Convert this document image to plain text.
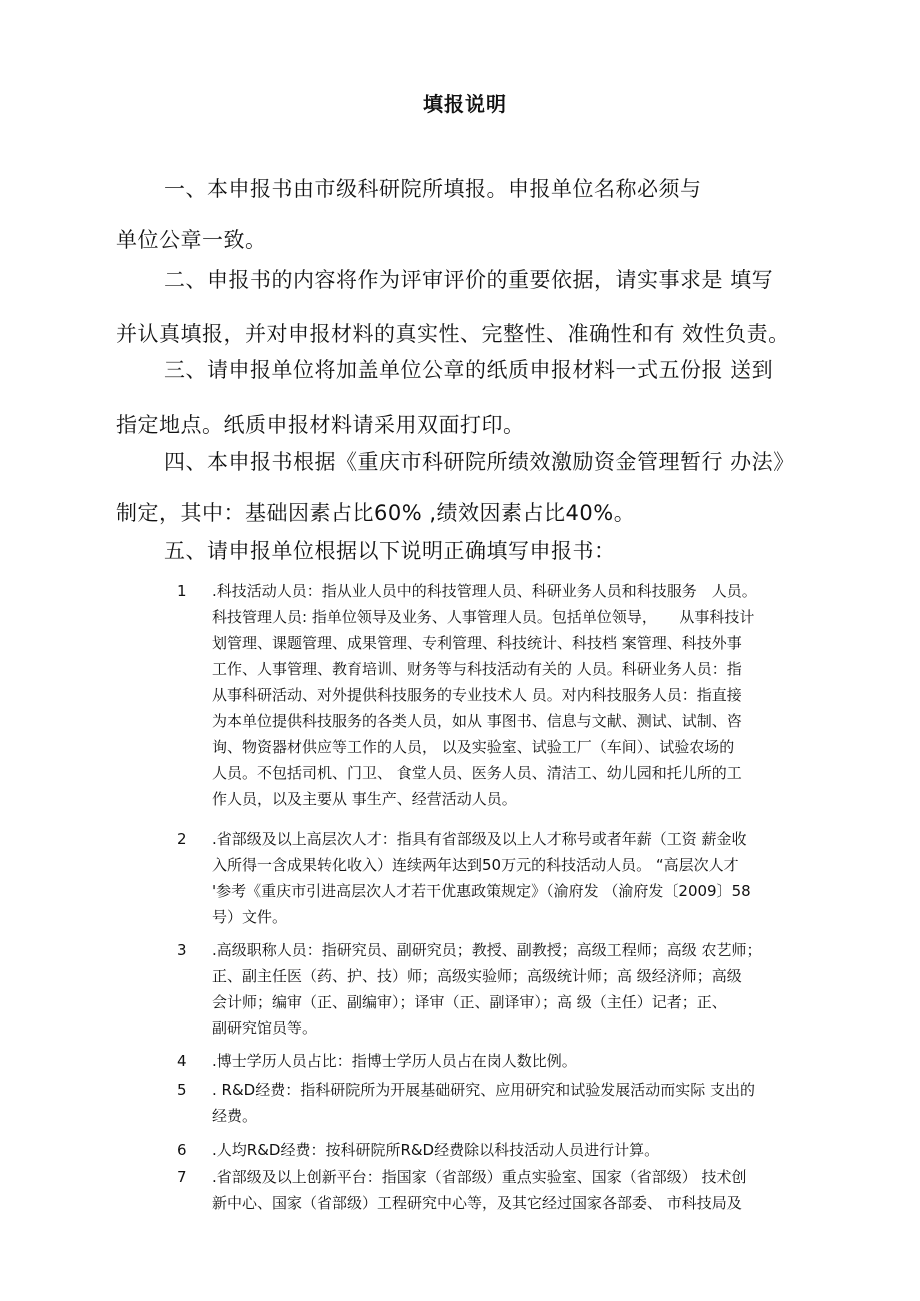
填报说明
一、本申报书由市级科研院所填报。申报单位名称必须与
单位公章一致。
二、申报书的内容将作为评审评价的重要依据，请实事求是 填写
并认真填报，并对申报材料的真实性、完整性、准确性和有 效性负责。
三、请申报单位将加盖单位公章的纸质申报材料一式五份报 送到
指定地点。纸质申报材料请采用双面打印。
四、本申报书根据《重庆市科研院所绩效激励资金管理暂行 办法》
制定，其中：基础因素占比60% ,绩效因素占比40%。
五、请申报单位根据以下说明正确填写申报书：
1 .科技活动人员：指从业人员中的科技管理人员、科研业务人员和科技服务　人员。
科技管理人员: 指单位领导及业务、人事管理人员。包括单位领导，　　从事科技计
划管理、课题管理、成果管理、专利管理、科技统计、科技档 案管理、科技外事
工作、人事管理、教育培训、财务等与科技活动有关的 人员。科研业务人员：指
从事科研活动、对外提供科技服务的专业技术人 员。对内科技服务人员：指直接
为本单位提供科技服务的各类人员，如从 事图书、信息与文献、测试、试制、咨
询、物资器材供应等工作的人员， 以及实验室、试验工厂（车间）、试验农场的
人员。不包括司机、门卫、 食堂人员、医务人员、清洁工、幼儿园和托儿所的工
作人员，以及主要从 事生产、经营活动人员。
2 .省部级及以上高层次人才：指具有省部级及以上人才称号或者年薪（工资 薪金收
入所得一含成果转化收入）连续两年达到50万元的科技活动人员。 “高层次人才
'参考《重庆市引进高层次人才若干优惠政策规定》（渝府发 （渝府发〔2009〕58
号）文件。
3 .高级职称人员：指研究员、副研究员；教授、副教授；高级工程师；高级 农艺师；
正、副主任医（药、护、技）师；高级实验师；高级统计师；高 级经济师；高级
会计师；编审（正、副编审）；译审（正、副译审）；高 级（主任）记者；正、
副研究馆员等。
4 .博士学历人员占比：指博士学历人员占在岗人数比例。
5 . R&D经费：指科研院所为开展基础研究、应用研究和试验发展活动而实际 支出的
经费。
6 .人均R&D经费：按科研院所R&D经费除以科技活动人员进行计算。
7 .省部级及以上创新平台：指国家（省部级）重点实验室、国家（省部级） 技术创
新中心、国家（省部级）工程研究中心等，及其它经过国家各部委、 市科技局及
